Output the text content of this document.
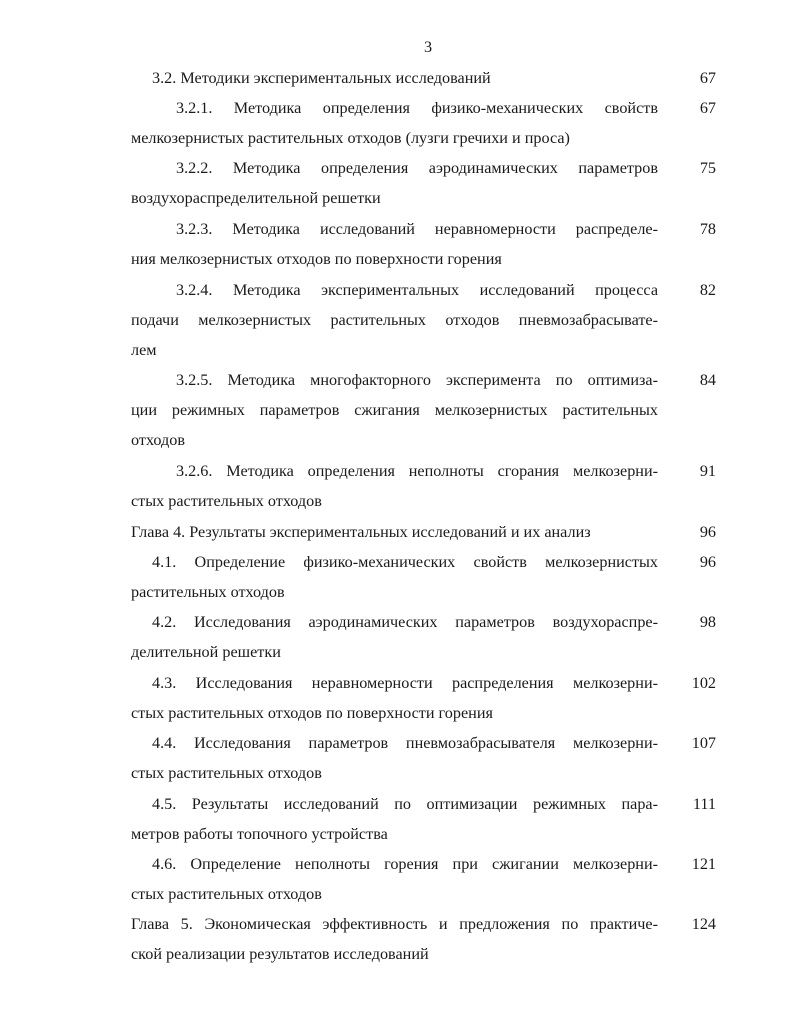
3
3.2. Методики экспериментальных исследований	67
3.2.1. Методика определения физико-механических свойств
мелкозернистых растительных отходов (лузги гречихи и проса)
67
3.2.2. Методика определения аэродинамических параметров
воздухораспределительной решетки
75
3.2.3. Методика исследований неравномерности распределе-
ния мелкозернистых отходов по поверхности горения
78
3.2.4. Методика экспериментальных исследований процесса
подачи мелкозернистых растительных отходов пневмозабрасывате-
лем
82
3.2.5. Методика многофакторного эксперимента по оптимиза-
ции режимных параметров сжигания мелкозернистых растительных
отходов
84
3.2.6. Методика определения неполноты сгорания мелкозерни-
стых растительных отходов
91
Глава 4. Результаты экспериментальных исследований и их анализ	96
4.1. Определение физико-механических свойств мелкозернистых
растительных отходов
96
4.2. Исследования аэродинамических параметров воздухораспре-
делительной решетки
98
4.3. Исследования неравномерности распределения мелкозерни-
стых растительных отходов по поверхности горения
102
4.4. Исследования параметров пневмозабрасывателя мелкозерни-
стых растительных отходов
107
4.5. Результаты исследований по оптимизации режимных пара-
метров работы топочного устройства
111
4.6. Определение неполноты горения при сжигании мелкозерни-
стых растительных отходов
121
Глава 5. Экономическая эффективность и предложения по практиче-
ской реализации результатов исследований
124
